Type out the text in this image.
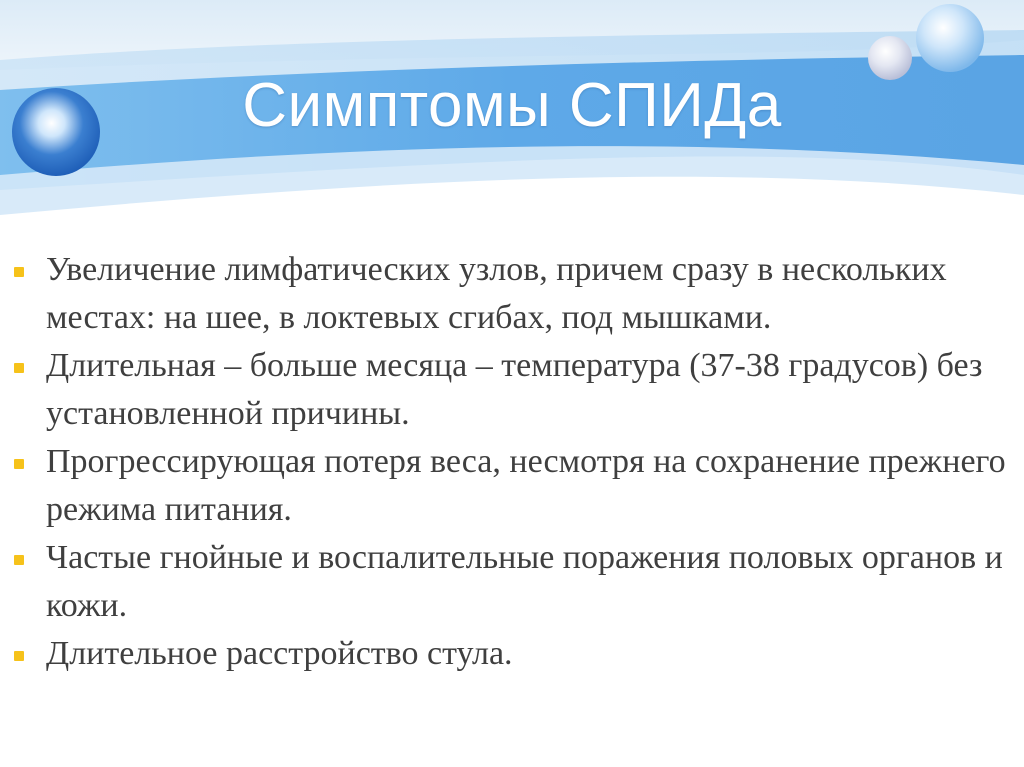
Симптомы СПИДа
Увеличение лимфатических узлов, причем сразу в нескольких местах: на шее, в локтевых сгибах, под мышками.
Длительная – больше месяца – температура (37-38 градусов) без установленной причины.
Прогрессирующая потеря веса, несмотря на сохранение прежнего режима питания.
Частые гнойные и воспалительные поражения половых органов и кожи.
Длительное расстройство стула.
